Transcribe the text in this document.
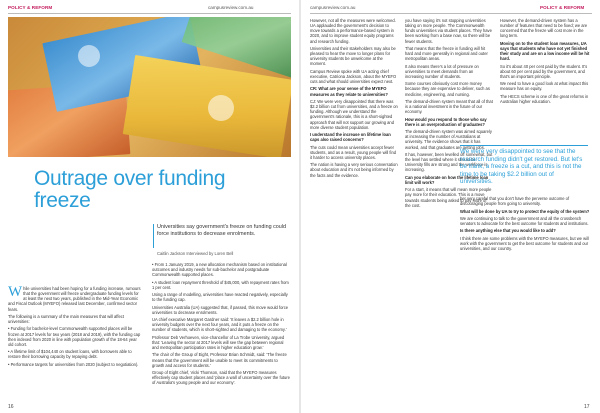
POLICY & REFORM	campusreview.com.au
Outrage over funding freeze
Universities say government's freeze on funding could force institutions to decrease enrolments.
Caitlin Jackson Interviewed by Loren Bell

While universities had been hoping for a funding increase, rumours that the government will freeze undergraduate funding levels for at least the next two years, published in the Mid-Year Economic and Fiscal Outlook (MYEFO) released last December, confirmed sector fears.

The following is a summary of the main measures that will affect universities:

• Funding for bachelor-level Commonwealth supported places will be frozen at 2017 levels for two years (2018 and 2019), with the funding cap then indexed from 2020 in line with population growth of the 18-64 year old cohort.

• A lifetime limit of $104,440 on student loans, with borrowers able to restore their borrowing capacity by repaying debt.

• Performance targets for universities from 2020 (subject to negotiation).

• From 1 January 2019, a new allocation mechanism based on institutional outcomes and industry needs for sub-bachelor and postgraduate Commonwealth supported places.

• A student loan repayment threshold of $45,000, with repayment rates from 1 per cent.

Using a range of modelling, universities have reacted negatively, especially to the funding cap.

Universities Australia (UA) suggested that, if passed, this move would force universities to decrease enrolments.

UA chief executive Margaret Gardner said: 'It leaves a $2.2 billion hole in university budgets over the next four years, and it puts a freeze on the number of students, which is short-sighted and damaging to the economy.'

Professor Deb Verhoeven, vice-chancellor of La Trobe University, argued that: 'Leaving the sector at 2017 levels will see the gap between regional and metropolitan participation rates in higher education grow.'

The chair of the Group of Eight, Professor Brian Schmidt, said: 'The freeze means that the government will be unable to meet its commitments to growth and access for students.'

Group of Eight chief, Vicki Thomson, said that the MYEFO measures effectively cap student places and 'place a wall of uncertainty over the future of Australia's young people and our economy'.

16
campusreview.com.au	POLICY & REFORM

However, not all the measures were welcomed. UA applauded the government's decision to move towards a performance-based system in 2020, and to improve student equity programs and research funding.

Universities and their stakeholders may also be pleased to hear the move to longer plans for university students be unwelcome at the moment.

Campus Review spoke with UA acting chief executive, Catriona Jackson, about the MYEFO cuts and what should universities expect next.

CR: What are your sense of the MYEFO measures as they relate to universities?

CJ: We were very disappointed that there was $2.2 billion cut from universities, and a freeze on funding. Although we understand the government's rationale, this is a short-sighted approach that will not support our growing and more diverse student population.

I understand the increase on lifetime loan caps also raised concerns?

The cuts could mean universities accept fewer students, and as a result, young people will find it harder to access university places.

The nation is having a very serious conversation about education and it's not being informed by the facts and the evidence.

you have saying it's not stopping universities taking on more people. The Commonwealth funds universities via student places. They have been working from a base now, so there will be fewer students.

That means that the freeze in funding will hit hard and more generally in regional and outer metropolitan areas.

It also means there's a lot of pressure on universities to meet demands from an increasing number of students.

Some courses obviously cost more money because they are expensive to deliver, such as medicine, engineering, and nursing.

The demand-driven system meant that all of that is a national investment in the future of our economy.

How would you respond to those who say there is an overproduction of graduates?

The demand-driven system was aimed squarely at increasing the number of Australians at university. The evidence shows that it has worked, and that graduates are getting jobs.

It has, however, been levelled off somewhat, but the level has settled where it should be. University fills are strong and the workforce is increasing.

Can you elaborate on how the lifetime loan limit will work?

For a start, it means that will mean more people pay more for their education. This is a move towards students being asked to pay more of the cost.

However, the demand-driven system has a number of features that need to be fixed; we are concerned that the freeze will cost more in the long term.

Moving on to the student loan measures, UA says that students who have not yet finished their study and are on a low income will be hit hard.

So it's about 40 per cent paid by the student. It's about 60 per cent paid by the government, and that's an important principle.

We need to have a good look at what impact this measure has on equity.

The HECS scheme is one of the great reforms in Australian higher education.

We were very disappointed to see that the research funding didn't get restored. But let's be frank; a freeze is a cut, and this is not the time to be taking $2.2 billion out of universities.
17

ber very careful that you don't have the perverse outcome of discouraging people from going to university.

What will be done by UA to try to protect the equity of the system?

We are continuing to talk to the government and all the crossbench senators to advocate for the best outcome for students and institutions.

Is there anything else that you would like to add?

I think there are some problems with the MYEFO measures, but we will work with the government to get the best outcome for students and our universities, and our country.
